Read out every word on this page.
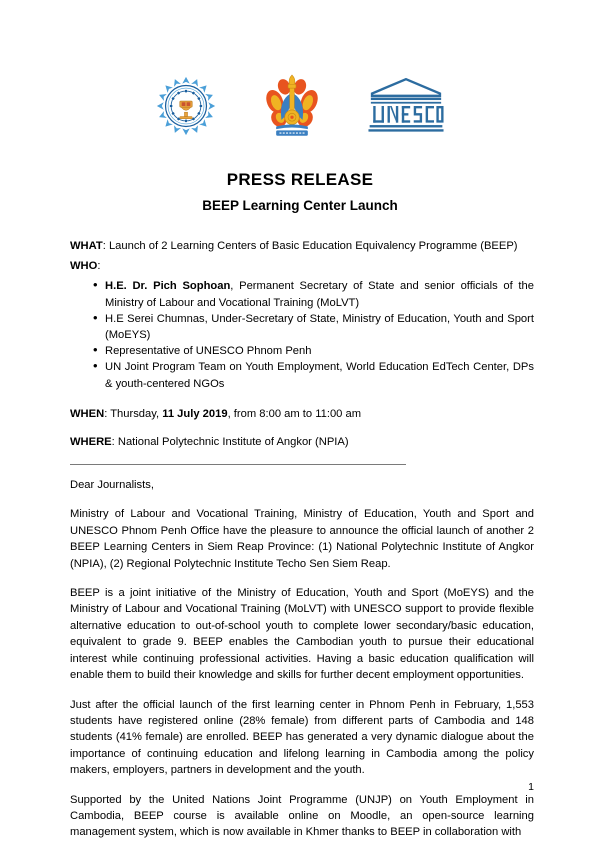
PRESS RELEASE
BEEP Learning Center Launch

WHAT: Launch of 2 Learning Centers of Basic Education Equivalency Programme (BEEP)

WHO:

• H.E. Dr. Pich Sophoan, Permanent Secretary of State and senior officials of the Ministry of Labour and Vocational Training (MoLVT)
• H.E Serei Chumnas, Under-Secretary of State, Ministry of Education, Youth and Sport (MoEYS)
• Representative of UNESCO Phnom Penh
• UN Joint Program Team on Youth Employment, World Education EdTech Center, DPs & youth-centered NGOs

WHEN: Thursday, 11 July 2019, from 8:00 am to 11:00 am

WHERE: National Polytechnic Institute of Angkor (NPIA)

Dear Journalists,

Ministry of Labour and Vocational Training, Ministry of Education, Youth and Sport and UNESCO Phnom Penh Office have the pleasure to announce the official launch of another 2 BEEP Learning Centers in Siem Reap Province: (1) National Polytechnic Institute of Angkor (NPIA), (2) Regional Polytechnic Institute Techo Sen Siem Reap.

BEEP is a joint initiative of the Ministry of Education, Youth and Sport (MoEYS) and the Ministry of Labour and Vocational Training (MoLVT) with UNESCO support to provide flexible alternative education to out-of-school youth to complete lower secondary/basic education, equivalent to grade 9. BEEP enables the Cambodian youth to pursue their educational interest while continuing professional activities. Having a basic education qualification will enable them to build their knowledge and skills for further decent employment opportunities.

Just after the official launch of the first learning center in Phnom Penh in February, 1,553 students have registered online (28% female) from different parts of Cambodia and 148 students (41% female) are enrolled. BEEP has generated a very dynamic dialogue about the importance of continuing education and lifelong learning in Cambodia among the policy makers, employers, partners in development and the youth.

Supported by the United Nations Joint Programme (UNJP) on Youth Employment in Cambodia, BEEP course is available online on Moodle, an open-source learning management system, which is now available in Khmer thanks to BEEP in collaboration with

1
